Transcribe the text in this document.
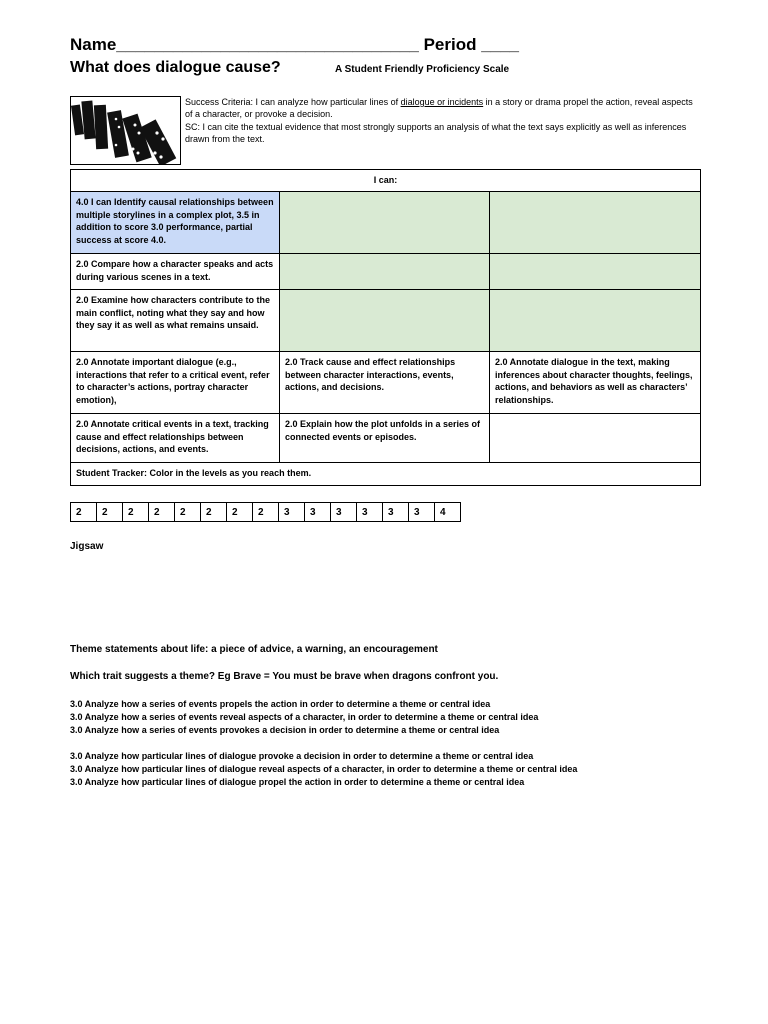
Name________________________________ Period ____
What does dialogue cause?	A Student Friendly Proficiency Scale
Success Criteria: I can analyze how particular lines of dialogue or incidents in a story or drama propel the action, reveal aspects of a character, or provoke a decision.
SC: I can cite the textual evidence that most strongly supports an analysis of what the text says explicitly as well as inferences drawn from the text.
I can:		
4.0 I can Identify causal relationships between multiple storylines in a complex plot, 3.5 in addition to score 3.0 performance, partial success at score 4.0.		
2.0 Compare how a character speaks and acts during various scenes in a text.		
2.0 Examine how characters contribute to the main conflict, noting what they say and how they say it as well as what remains unsaid.		
2.0 Annotate important dialogue (e.g., interactions that refer to a critical event, refer to character’s actions, portray character emotion),	2.0 Track cause and effect relationships between character interactions, events, actions, and decisions.	2.0 Annotate dialogue in the text, making inferences about character thoughts, feelings, actions, and behaviors as well as characters’ relationships.
2.0 Annotate critical events in a text, tracking cause and effect relationships between decisions, actions, and events.	2.0 Explain how the plot unfolds in a series of connected events or episodes.	
Student Tracker: Color in the levels as you reach them.		
2	2	2	2	2	2	2	2	3	3	3	3	3	3	4
Jigsaw
Theme statements about life: a piece of advice, a warning, an encouragement
Which trait suggests a theme? Eg Brave = You must be brave when dragons confront you.
3.0 Analyze how a series of events propels the action in order to determine a theme or central idea
3.0 Analyze how a series of events reveal aspects of a character, in order to determine a theme or central idea
3.0 Analyze how a series of events provokes a decision in order to determine a theme or central idea
3.0 Analyze how particular lines of dialogue provoke a decision in order to determine a theme or central idea
3.0 Analyze how particular lines of dialogue reveal aspects of a character, in order to determine a theme or central idea
3.0 Analyze how particular lines of dialogue propel the action in order to determine a theme or central idea
